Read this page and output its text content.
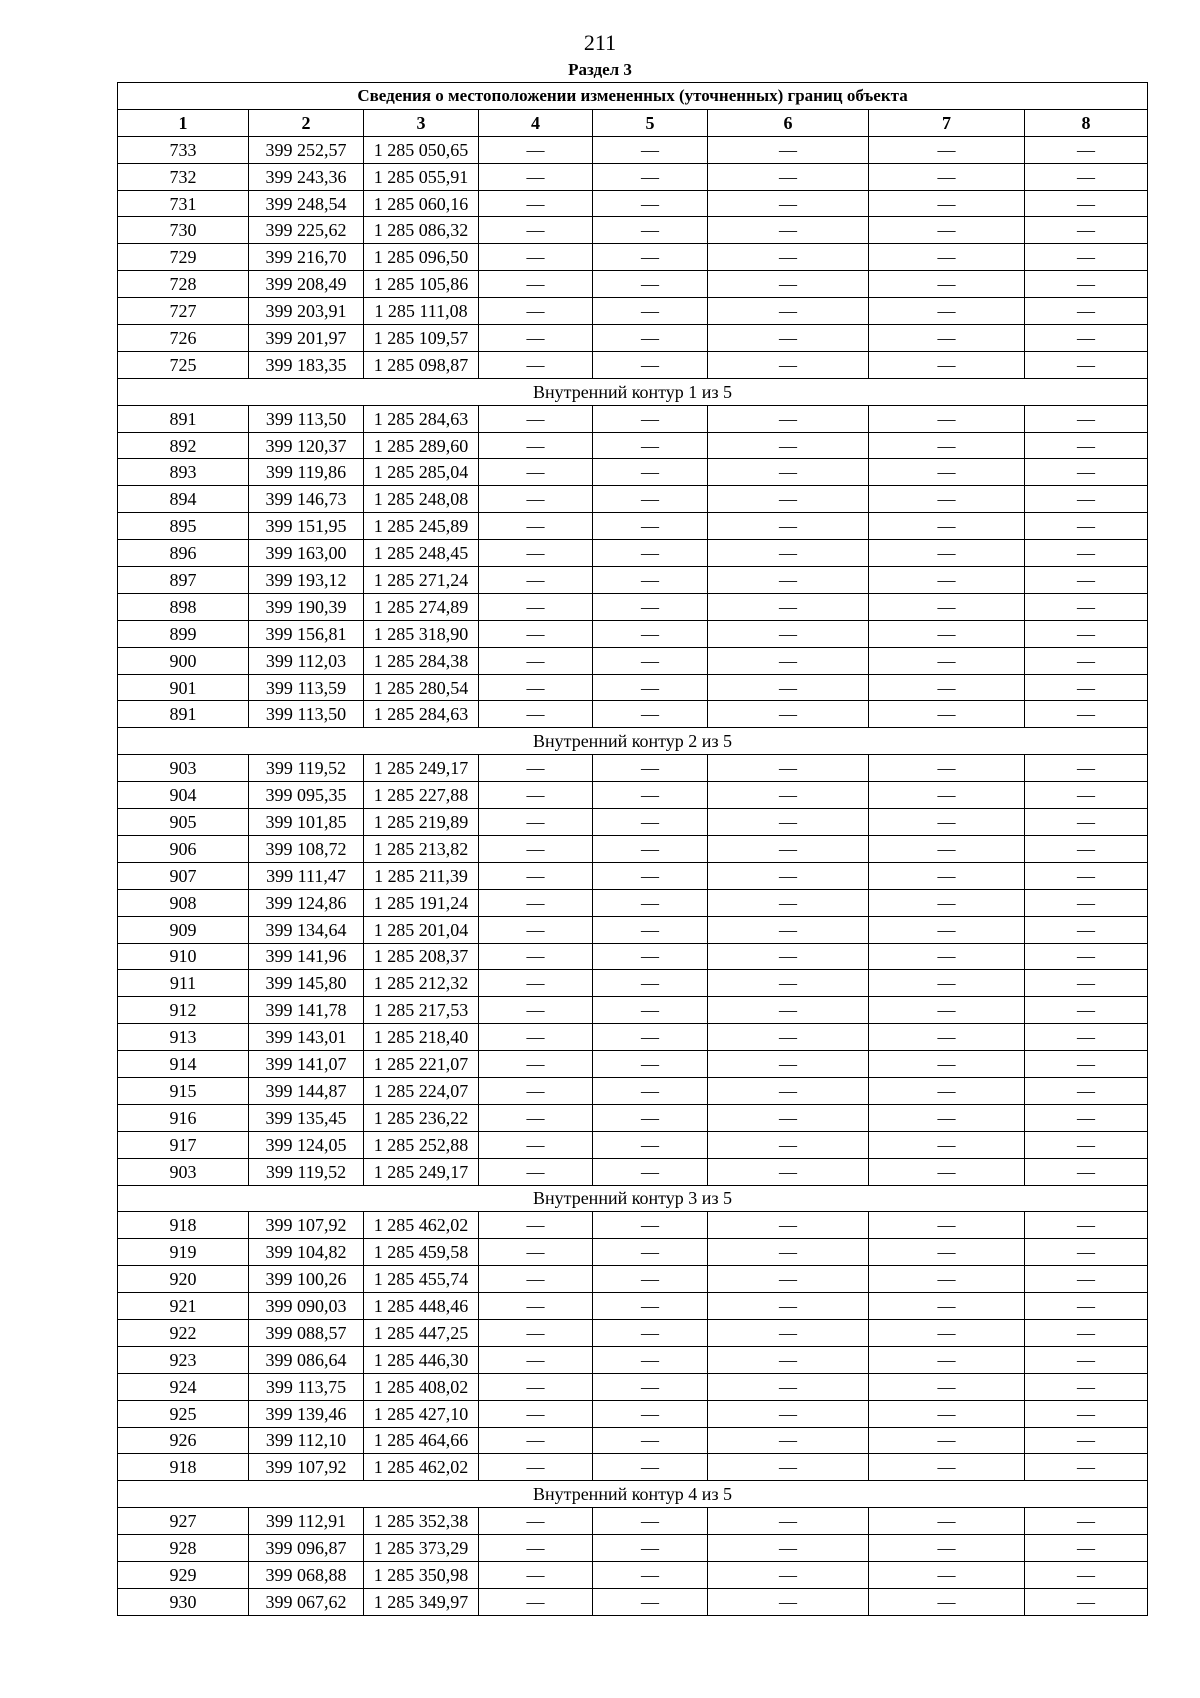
211
Раздел 3
Сведения о местоположении измененных (уточненных) границ объекта							
1	2	3	4	5	6	7	8
733	399 252,57	1 285 050,65	—	—	—	—	—
732	399 243,36	1 285 055,91	—	—	—	—	—
731	399 248,54	1 285 060,16	—	—	—	—	—
730	399 225,62	1 285 086,32	—	—	—	—	—
729	399 216,70	1 285 096,50	—	—	—	—	—
728	399 208,49	1 285 105,86	—	—	—	—	—
727	399 203,91	1 285 111,08	—	—	—	—	—
726	399 201,97	1 285 109,57	—	—	—	—	—
725	399 183,35	1 285 098,87	—	—	—	—	—
Внутренний контур 1 из 5							
891	399 113,50	1 285 284,63	—	—	—	—	—
892	399 120,37	1 285 289,60	—	—	—	—	—
893	399 119,86	1 285 285,04	—	—	—	—	—
894	399 146,73	1 285 248,08	—	—	—	—	—
895	399 151,95	1 285 245,89	—	—	—	—	—
896	399 163,00	1 285 248,45	—	—	—	—	—
897	399 193,12	1 285 271,24	—	—	—	—	—
898	399 190,39	1 285 274,89	—	—	—	—	—
899	399 156,81	1 285 318,90	—	—	—	—	—
900	399 112,03	1 285 284,38	—	—	—	—	—
901	399 113,59	1 285 280,54	—	—	—	—	—
891	399 113,50	1 285 284,63	—	—	—	—	—
Внутренний контур 2 из 5							
903	399 119,52	1 285 249,17	—	—	—	—	—
904	399 095,35	1 285 227,88	—	—	—	—	—
905	399 101,85	1 285 219,89	—	—	—	—	—
906	399 108,72	1 285 213,82	—	—	—	—	—
907	399 111,47	1 285 211,39	—	—	—	—	—
908	399 124,86	1 285 191,24	—	—	—	—	—
909	399 134,64	1 285 201,04	—	—	—	—	—
910	399 141,96	1 285 208,37	—	—	—	—	—
911	399 145,80	1 285 212,32	—	—	—	—	—
912	399 141,78	1 285 217,53	—	—	—	—	—
913	399 143,01	1 285 218,40	—	—	—	—	—
914	399 141,07	1 285 221,07	—	—	—	—	—
915	399 144,87	1 285 224,07	—	—	—	—	—
916	399 135,45	1 285 236,22	—	—	—	—	—
917	399 124,05	1 285 252,88	—	—	—	—	—
903	399 119,52	1 285 249,17	—	—	—	—	—
Внутренний контур 3 из 5							
918	399 107,92	1 285 462,02	—	—	—	—	—
919	399 104,82	1 285 459,58	—	—	—	—	—
920	399 100,26	1 285 455,74	—	—	—	—	—
921	399 090,03	1 285 448,46	—	—	—	—	—
922	399 088,57	1 285 447,25	—	—	—	—	—
923	399 086,64	1 285 446,30	—	—	—	—	—
924	399 113,75	1 285 408,02	—	—	—	—	—
925	399 139,46	1 285 427,10	—	—	—	—	—
926	399 112,10	1 285 464,66	—	—	—	—	—
918	399 107,92	1 285 462,02	—	—	—	—	—
Внутренний контур 4 из 5							
927	399 112,91	1 285 352,38	—	—	—	—	—
928	399 096,87	1 285 373,29	—	—	—	—	—
929	399 068,88	1 285 350,98	—	—	—	—	—
930	399 067,62	1 285 349,97	—	—	—	—	—
